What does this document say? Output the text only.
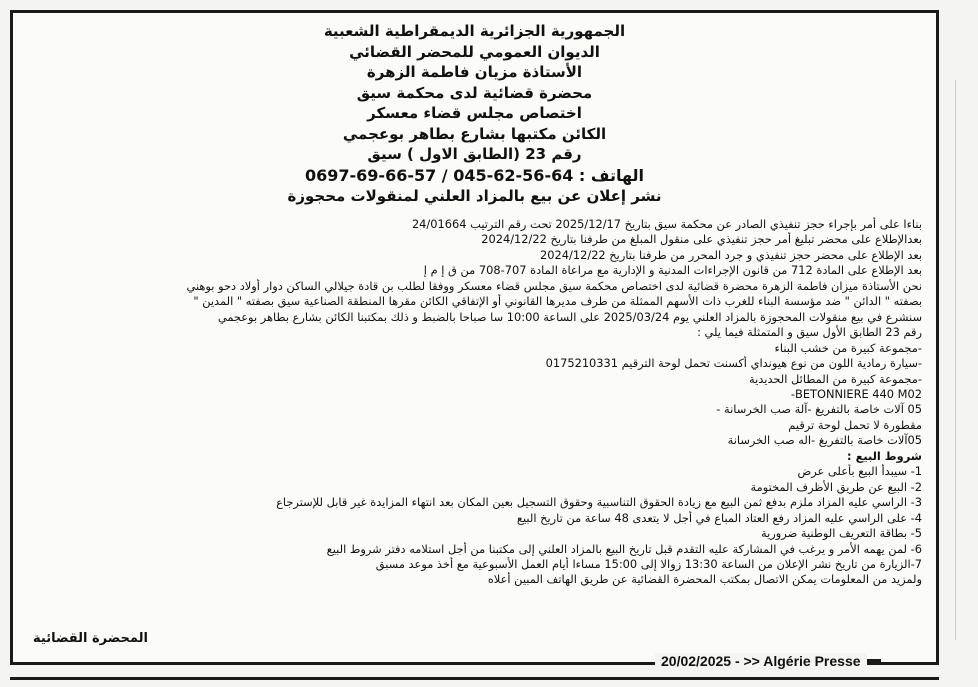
الجمهورية الجزائرية الديمقراطية الشعبية
الديوان العمومي للمحضر القضائي
الأستاذة مزيان فاطمة الزهرة
محضرة قضائية لدى محكمة سيق
اختصاص مجلس قضاء معسكر
الكائن مكتبها بشارع بطاهر بوعجمي
رقم 23 (الطابق الاول ) سيق
الهاتف : 64-56-62-045 / 57-66-69-0697
نشر إعلان عن بيع بالمزاد العلني لمنقولات محجوزة
بناءا على أمر بإجراء حجز تنفيذي الصادر عن محكمة سيق بتاريخ 2025/12/17 تحت رقم الترتيب 24/01664
بعدالإطلاع على محضر تبليغ أمر حجز تنفيذي على منقول المبلغ من طرفنا بتاريخ 2024/12/22
بعد الإطلاع على محضر حجز تنفيذي و جرد المحرر من طرفنا بتاريخ 2024/12/22
بعد الإطلاع على المادة 712 من قانون الإجراءات المدنية و الإدارية مع مراعاة المادة 707-708 من ق إ م إ
نحن الأستاذة ميزان فاطمة الزهرة محضرة قضائية لدى اختصاص محكمة سيق مجلس قضاء معسكر ووفقا لطلب بن قادة جيلالي الساكن دوار أولاد دحو بوهني
بصفته " الدائن " ضد مؤسسة البناء للغرب ذات الأسهم الممثلة من طرف مديرها القانوني أو الإتفاقي الكائن مقرها المنطقة الصناعية سيق بصفته " المدين "
سنشرع في بيع منقولات المحجوزة بالمزاد العلني يوم 2025/03/24 على الساعة 10:00 سا صباحا بالضبط و ذلك بمكتبنا الكائن بشارع بطاهر بوعجمي
رقم 23 الطابق الأول سيق و المتمثلة فيما يلي :
-مجموعة كبيرة من خشب البناء
-سيارة رمادية اللون من نوع هيونداي أكسنت تحمل لوحة الترقيم 0175210331
-مجموعة كبيرة من المطائل الحديدية
BETONNIERE 440 M02-
05 آلات خاصة بالتفريغ -آلة صب الخرسانة -
مقطورة لا تحمل لوحة ترقيم
05آلات خاصة بالتفريغ -اله صب الخرسانة
شروط البيع :
1- سيبدأ البيع بأعلى عرض
2- البيع عن طريق الأظرف المختومة
3- الراسي عليه المزاد ملزم بدفع ثمن البيع مع زيادة الحقوق التناسبية وحقوق التسجيل بعين المكان بعد انتهاء المزايدة غير قابل للإسترجاع
4- على الراسي عليه المزاد رفع العتاد المباع في أجل لا يتعدى 48 ساعة من تاريخ البيع
5- بطاقة التعريف الوطنية ضرورية
6- لمن يهمه الأمر و يرغب في المشاركة عليه التقدم قبل تاريخ البيع بالمزاد العلني إلى مكتبنا من أجل استلامه دفتر شروط البيع
7-الزيارة من تاريخ نشر الإعلان من الساعة 13:30 زوالا إلى 15:00 مساءا أيام العمل الأسبوعية مع أخذ موعد مسبق
ولمزيد من المعلومات يمكن الاتصال بمكتب المحضرة القضائية عن طريق الهاتف المبين أعلاه
المحضرة القضائية
20/02/2025 - >> Algérie Presse
